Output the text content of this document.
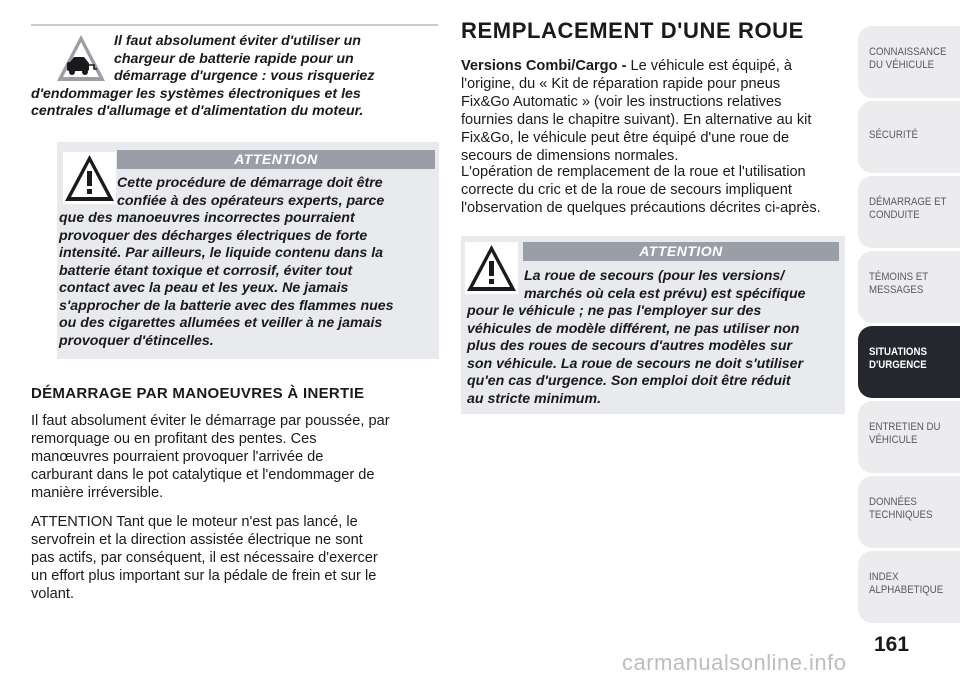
Il faut absolument éviter d'utiliser un
chargeur de batterie rapide pour un
démarrage d'urgence : vous risqueriez
d'endommager les systèmes électroniques et les
centrales d'allumage et d'alimentation du moteur.
ATTENTION
Cette procédure de démarrage doit être
confiée à des opérateurs experts, parce
que des manoeuvres incorrectes pourraient
provoquer des décharges électriques de forte
intensité. Par ailleurs, le liquide contenu dans la
batterie étant toxique et corrosif, éviter tout
contact avec la peau et les yeux. Ne jamais
s'approcher de la batterie avec des flammes nues
ou des cigarettes allumées et veiller à ne jamais
provoquer d'étincelles.
DÉMARRAGE PAR MANOEUVRES À INERTIE
Il faut absolument éviter le démarrage par poussée, par
remorquage ou en profitant des pentes. Ces
manœuvres pourraient provoquer l'arrivée de
carburant dans le pot catalytique et l'endommager de
manière irréversible.
ATTENTION Tant que le moteur n'est pas lancé, le
servofrein et la direction assistée électrique ne sont
pas actifs, par conséquent, il est nécessaire d'exercer
un effort plus important sur la pédale de frein et sur le
volant.
REMPLACEMENT D'UNE ROUE
Versions Combi/Cargo - Le véhicule est équipé, à
l'origine, du « Kit de réparation rapide pour pneus
Fix&Go Automatic » (voir les instructions relatives
fournies dans le chapitre suivant). En alternative au kit
Fix&Go, le véhicule peut être équipé d'une roue de
secours de dimensions normales.
L'opération de remplacement de la roue et l'utilisation
correcte du cric et de la roue de secours impliquent
l'observation de quelques précautions décrites ci-après.
ATTENTION
La roue de secours (pour les versions/
marchés où cela est prévu) est spécifique
pour le véhicule ; ne pas l'employer sur des
véhicules de modèle différent, ne pas utiliser non
plus des roues de secours d'autres modèles sur
son véhicule. La roue de secours ne doit s'utiliser
qu'en cas d'urgence. Son emploi doit être réduit
au stricte minimum.
CONNAISSANCE
DU VÉHICULE
SÉCURITÉ
DÉMARRAGE ET
CONDUITE
TÉMOINS ET
MESSAGES
SITUATIONS
D'URGENCE
ENTRETIEN DU
VÉHICULE
DONNÉES
TECHNIQUES
INDEX
ALPHABETIQUE
161
carmanualsonline.info
